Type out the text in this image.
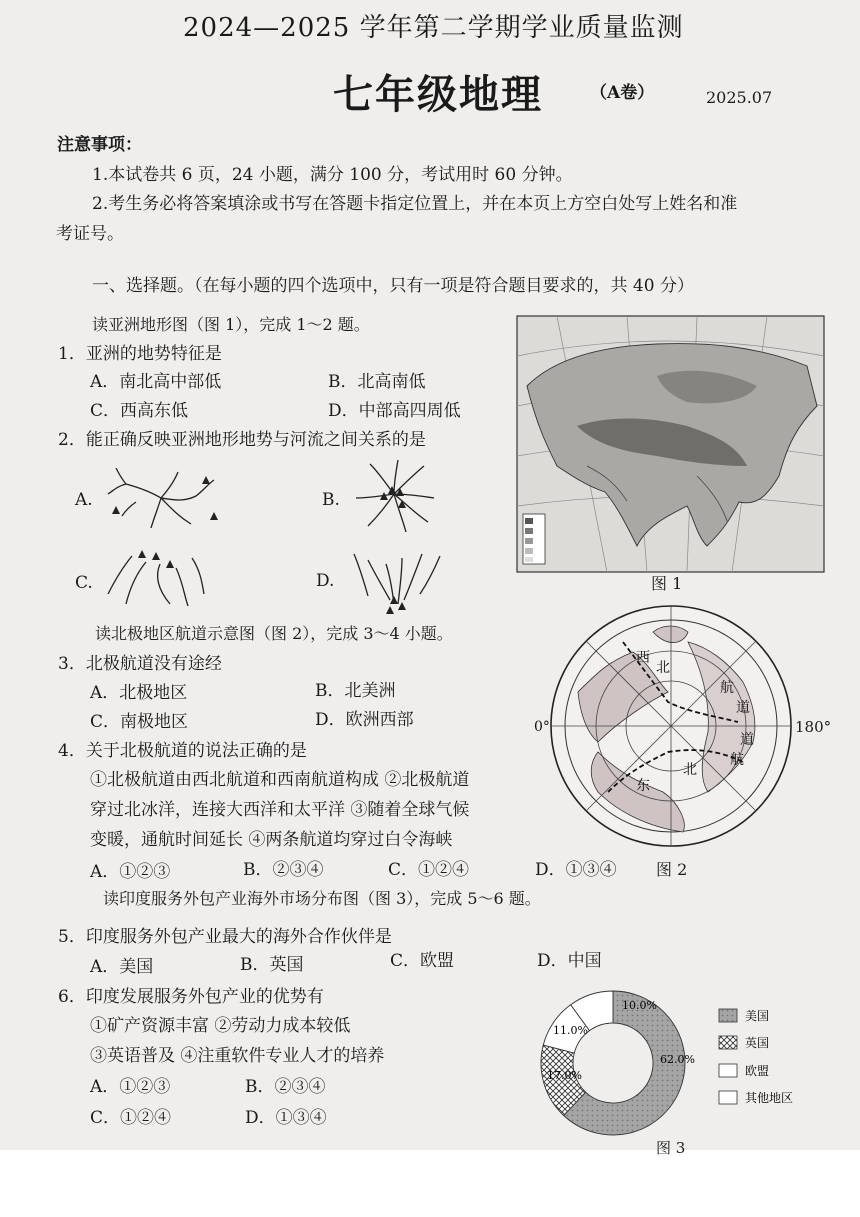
2024—2025 学年第二学期学业质量监测
七年级地理	（A卷）	2025.07
注意事项：
1.本试卷共 6 页，24 小题，满分 100 分，考试用时 60 分钟。
2.考生务必将答案填涂或书写在答题卡指定位置上，并在本页上方空白处写上姓名和准
考证号。
一、选择题。（在每小题的四个选项中，只有一项是符合题目要求的，共 40 分）
读亚洲地形图（图 1），完成 1～2 题。
1．亚洲的地势特征是
A．南北高中部低	B．北高南低
C．西高东低	D．中部高四周低
2．能正确反映亚洲地形地势与河流之间关系的是
A.	B.
C.	D.	图 1
读北极地区航道示意图（图 2），完成 3～4 小题。
3．北极航道没有途经
A．北极地区	B．北美洲
C．南极地区	D．欧洲西部
4．关于北极航道的说法正确的是
①北极航道由西北航道和西南航道构成 ②北极航道
穿过北冰洋，连接大西洋和太平洋 ③随着全球气候
变暖，通航时间延长 ④两条航道均穿过白令海峡
A．①②③	B．②③④	C．①②④	D．①③④ 图 2
0°
西
北
航
道
东
北
航
道
180°
读印度服务外包产业海外市场分布图（图 3），完成 5～6 题。
5．印度服务外包产业最大的海外合作伙伴是
A．美国	B．英国	C．欧盟	D．中国
6．印度发展服务外包产业的优势有
①矿产资源丰富 ②劳动力成本较低
③英语普及 ④注重软件专业人才的培养
A．①②③	B．②③④
C．①②④	D．①③④
10.0%
11.0%
17.0%
62.0%
美国
英国
欧盟
其他地区
图 3
